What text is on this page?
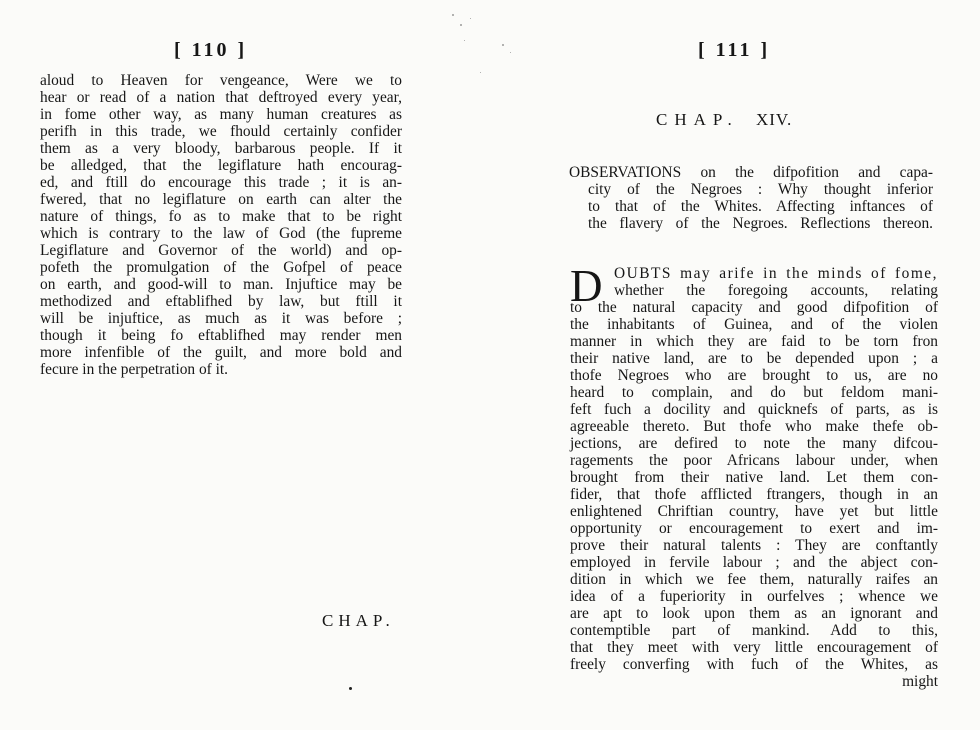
[ 110 ]
aloud to Heaven for vengeance, Were we to
hear or read of a nation that deftroyed every year,
in fome other way, as many human creatures as
perifh in this trade, we fhould certainly confider
them as a very bloody, barbarous people. If it
be alledged, that the legiflature hath encourag-
ed, and ftill do encourage this trade ; it is an-
fwered, that no legiflature on earth can alter the
nature of things, fo as to make that to be right
which is contrary to the law of God (the fupreme
Legiflature and Governor of the world) and op-
pofeth the promulgation of the Gofpel of peace
on earth, and good-will to man. Injuftice may be
methodized and eftablifhed by law, but ftill it
will be injuftice, as much as it was before ;
though it being fo eftablifhed may render men
more infenfible of the guilt, and more bold and
fecure in the perpetration of it.
CHAP.
[ 111 ]
CHAP. XIV.
OBSERVATIONS on the difpofition and capa-
city of the Negroes : Why thought inferior
to that of the Whites. Affecting inftances of
the flavery of the Negroes. Reflections thereon.
D OUBTS may arife in the minds of fome,
whether the foregoing accounts, relating
to the natural capacity and good difpofition of
the inhabitants of Guinea, and of the violen
manner in which they are faid to be torn fron
their native land, are to be depended upon ; a
thofe Negroes who are brought to us, are no
heard to complain, and do but feldom mani-
feft fuch a docility and quicknefs of parts, as is
agreeable thereto. But thofe who make thefe ob-
jections, are defired to note the many difcou-
ragements the poor Africans labour under, when
brought from their native land. Let them con-
fider, that thofe afflicted ftrangers, though in an
enlightened Chriftian country, have yet but little
opportunity or encouragement to exert and im-
prove their natural talents : They are conftantly
employed in fervile labour ; and the abject con-
dition in which we fee them, naturally raifes an
idea of a fuperiority in ourfelves ; whence we
are apt to look upon them as an ignorant and
contemptible part of mankind. Add to this,
that they meet with very little encouragement of
freely converfing with fuch of the Whites, as
might
